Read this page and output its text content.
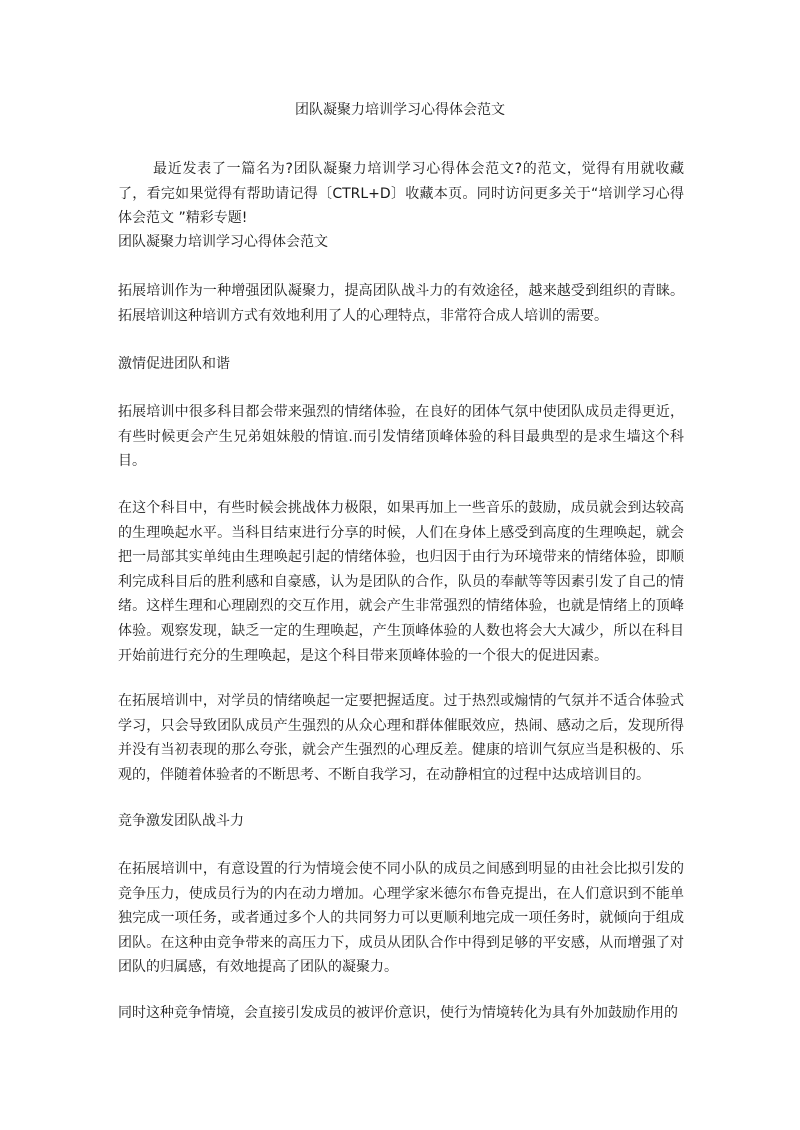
团队凝聚力培训学习心得体会范文
最近发表了一篇名为?团队凝聚力培训学习心得体会范文?的范文，觉得有用就收藏了，看完如果觉得有帮助请记得〔CTRL+D〕收藏本页。同时访问更多关于“培训学习心得体会范文 ”精彩专题!
团队凝聚力培训学习心得体会范文

拓展培训作为一种增强团队凝聚力，提高团队战斗力的有效途径，越来越受到组织的青睐。拓展培训这种培训方式有效地利用了人的心理特点，非常符合成人培训的需要。

激情促进团队和谐

拓展培训中很多科目都会带来强烈的情绪体验，在良好的团体气氛中使团队成员走得更近，有些时候更会产生兄弟姐妹般的情谊.而引发情绪顶峰体验的科目最典型的是求生墙这个科目。

在这个科目中，有些时候会挑战体力极限，如果再加上一些音乐的鼓励，成员就会到达较高的生理唤起水平。当科目结束进行分享的时候，人们在身体上感受到高度的生理唤起，就会把一局部其实单纯由生理唤起引起的情绪体验，也归因于由行为环境带来的情绪体验，即顺利完成科目后的胜利感和自豪感，认为是团队的合作，队员的奉献等等因素引发了自己的情绪。这样生理和心理剧烈的交互作用，就会产生非常强烈的情绪体验，也就是情绪上的顶峰体验。观察发现，缺乏一定的生理唤起，产生顶峰体验的人数也将会大大减少，所以在科目开始前进行充分的生理唤起，是这个科目带来顶峰体验的一个很大的促进因素。

在拓展培训中，对学员的情绪唤起一定要把握适度。过于热烈或煽情的气氛并不适合体验式学习，只会导致团队成员产生强烈的从众心理和群体催眠效应，热闹、感动之后，发现所得并没有当初表现的那么夸张，就会产生强烈的心理反差。健康的培训气氛应当是积极的、乐观的，伴随着体验者的不断思考、不断自我学习，在动静相宜的过程中达成培训目的。

竞争激发团队战斗力

在拓展培训中，有意设置的行为情境会使不同小队的成员之间感到明显的由社会比拟引发的竞争压力，使成员行为的内在动力增加。心理学家米德尔布鲁克提出，在人们意识到不能单独完成一项任务，或者通过多个人的共同努力可以更顺利地完成一项任务时，就倾向于组成团队。在这种由竞争带来的高压力下，成员从团队合作中得到足够的平安感，从而增强了对团队的归属感，有效地提高了团队的凝聚力。

同时这种竞争情境，会直接引发成员的被评价意识，使行为情境转化为具有外加鼓励作用的
